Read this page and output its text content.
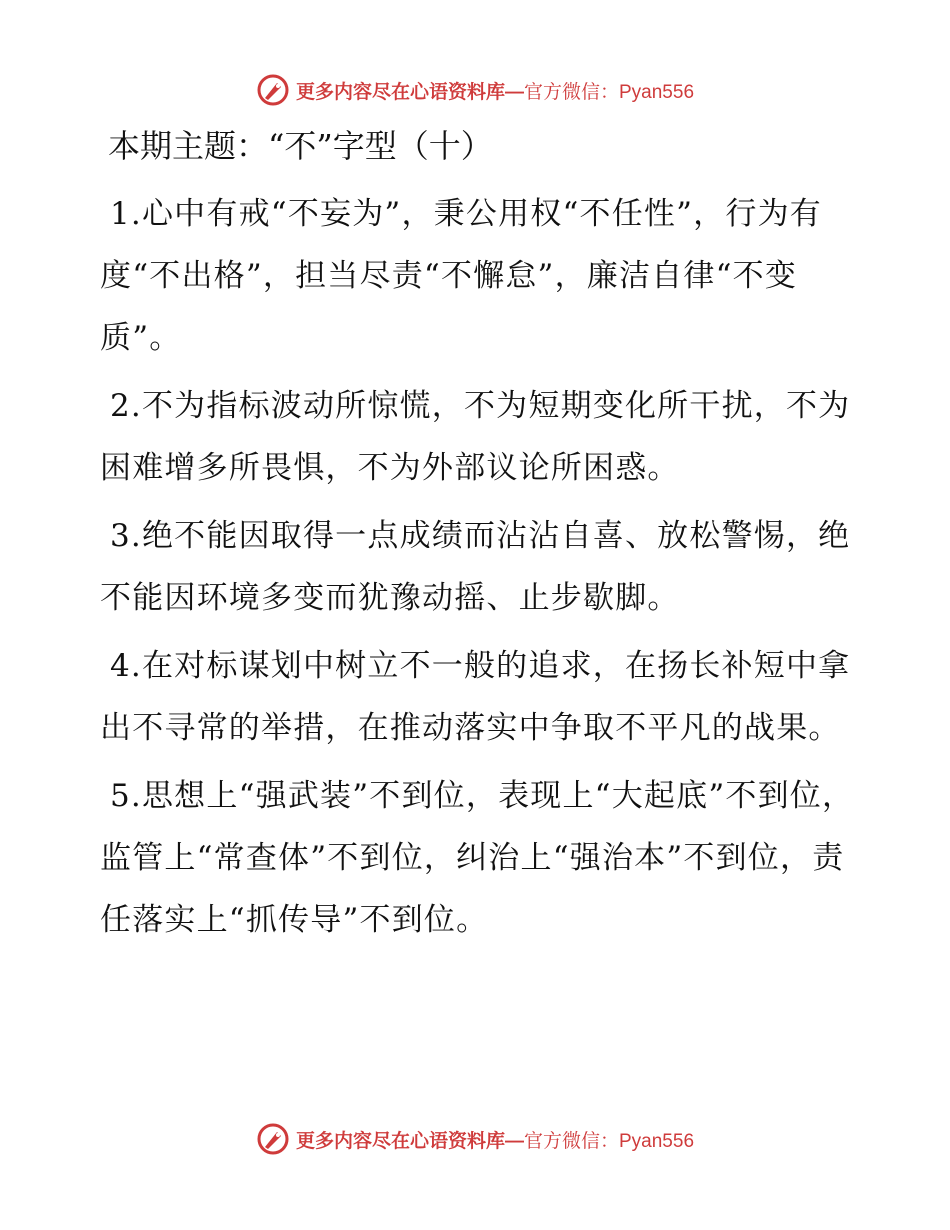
更多内容尽在心语资料库— 官方微信：Pyan556
本期主题：“不”字型（十）
1.心中有戒“不妄为”，秉公用权“不任性”，行为有度“不出格”，担当尽责“不懈怠”，廉洁自律“不变质”。
2.不为指标波动所惊慌，不为短期变化所干扰，不为困难增多所畏惧，不为外部议论所困惑。
3.绝不能因取得一点成绩而沾沾自喜、放松警惕，绝不能因环境多变而犹豫动摇、止步歇脚。
4.在对标谋划中树立不一般的追求，在扬长补短中拿出不寻常的举措，在推动落实中争取不平凡的战果。
5.思想上“强武装”不到位，表现上“大起底”不到位，监管上“常查体”不到位，纠治上“强治本”不到位，责任落实上“抓传导”不到位。
更多内容尽在心语资料库— 官方微信：Pyan556
